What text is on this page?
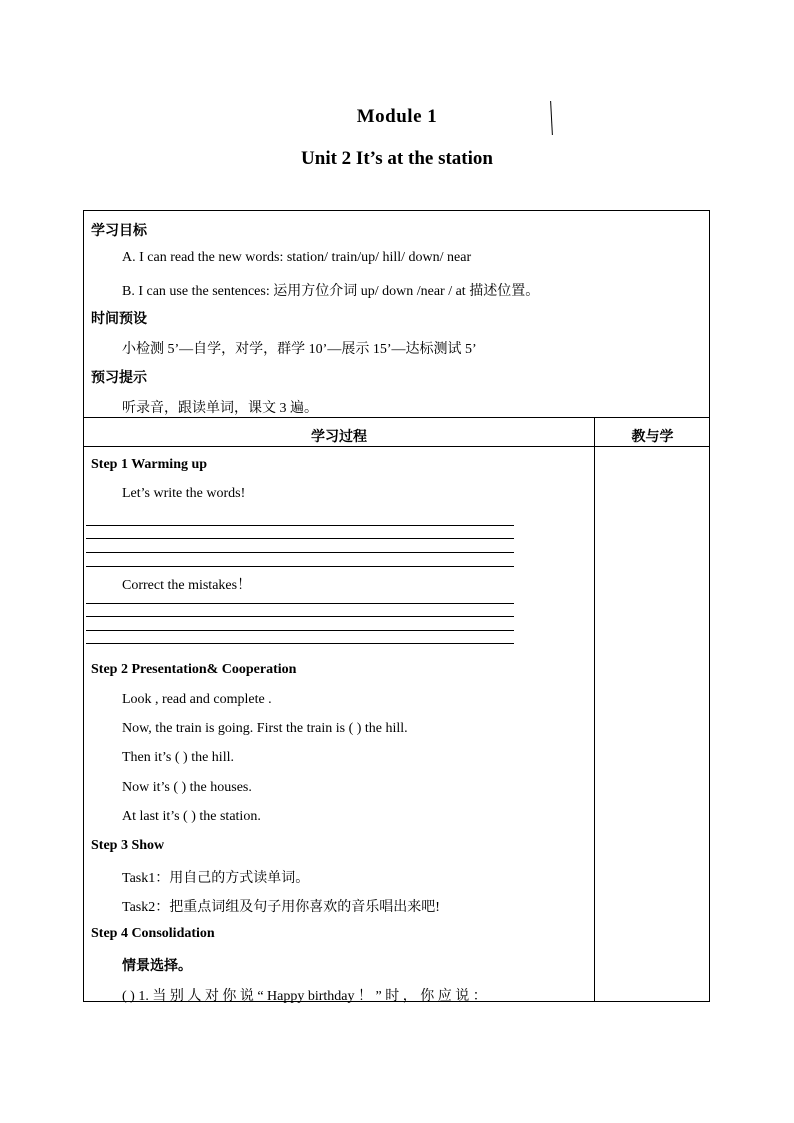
Module 1
Unit 2 It’s at the station
学习目标
A. I can read the new words: station/ train/up/ hill/ down/ near
B. I can use the sentences: 运用方位介词 up/ down /near / at 描述位置。
时间预设
小检测 5’—自学，对学，群学 10’—展示 15’—达标测试 5’
预习提示
听录音，跟读单词，课文 3 遍。
学习过程	教与学
Step 1 Warming up
Let’s write the words!
Correct the mistakes！
Step 2 Presentation& Cooperation
Look , read and complete .
Now, the train is going. First the train is ( ) the hill.
Then it’s ( ) the hill.
Now it’s ( ) the houses.
At last it’s ( ) the station.
Step 3 Show
Task1：用自己的方式读单词。
Task2：把重点词组及句子用你喜欢的音乐唱出来吧!
Step 4 Consolidation
情景选择。
( ) 1. 当 别 人 对 你 说 “ Happy birthday ！ ” 时 ， 你 应 说 ：
